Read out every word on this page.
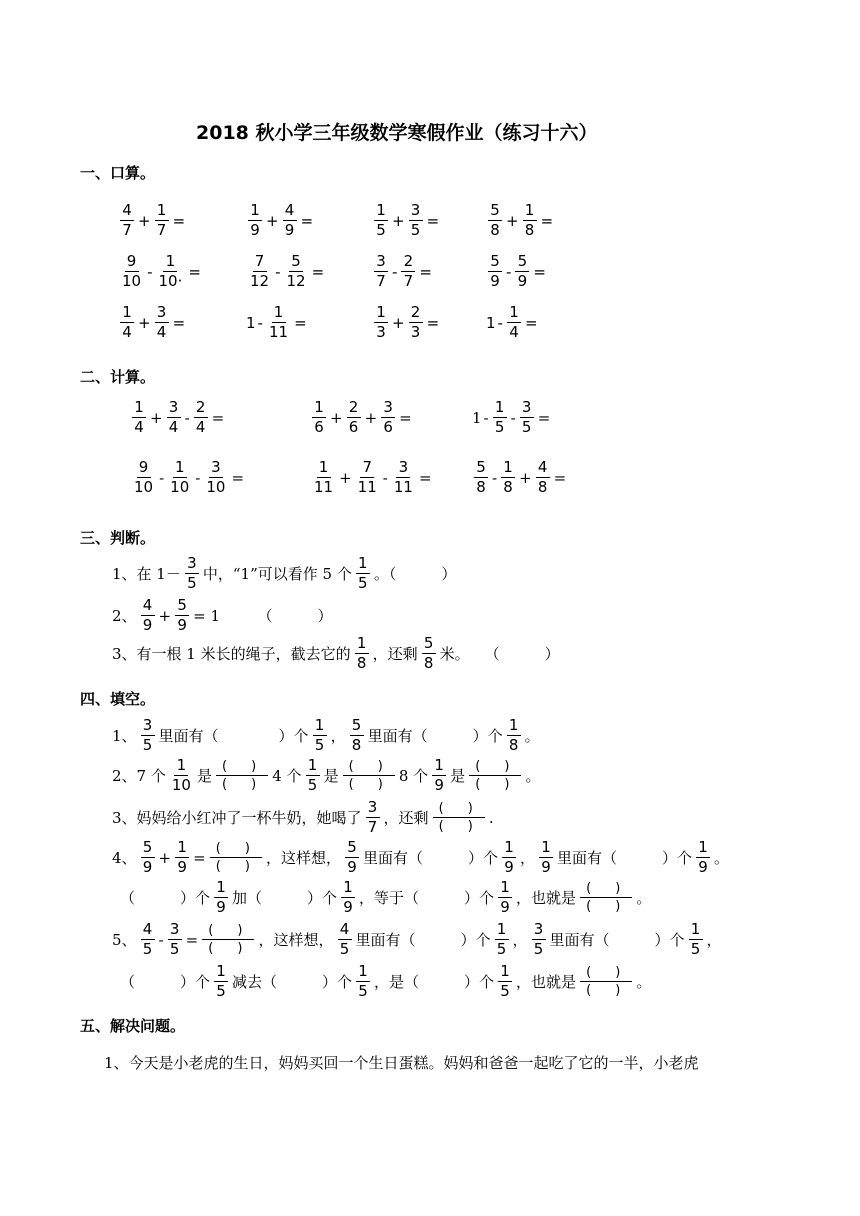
2018 秋小学三年级数学寒假作业（练习十六）
一、口算。
二、计算。
三、判断。
四、填空。
五、解决问题。
1、今天是小老虎的生日，妈妈买回一个生日蛋糕。妈妈和爸爸一起吃了它的一半，小老虎
$\frac{4}{7} + \frac{1}{7}$ =	$\frac{1}{9} + \frac{4}{9}$ =	$\frac{1}{5} + \frac{3}{5}$ =	$\frac{5}{8} + \frac{1}{8}$ =
$\frac{9}{10} - \frac{1}{10\cdot}$ =	$\frac{7}{12} - \frac{5}{12}$ =	$\frac{3}{7} - \frac{2}{7}$ =	$\frac{5}{9} - \frac{5}{9}$ =
$\frac{1}{4} + \frac{3}{4}$ =	$1 - \frac{1}{11}$ =	$\frac{1}{3} + \frac{2}{3}$ =	$1 - \frac{1}{4}$ =
$\frac{1}{4} + \frac{3}{4} - \frac{2}{4}$ =	$\frac{1}{6} + \frac{2}{6} + \frac{3}{6}$ =	$1 - \frac{1}{5} - \frac{3}{5}$ =
$\frac{9}{10} - \frac{1}{10} - \frac{3}{10}$ =	$\frac{1}{11} + \frac{7}{11} - \frac{3}{11}$ =	$\frac{5}{8} - \frac{1}{8} + \frac{4}{8}$ =
1、在 $1- \frac{3}{5}$ 中，“1”可以看作 5 个 $\frac{1}{5}$ 。（　　　）
2、 $\frac{4}{9} + \frac{5}{9} = 1$　　　（　　　）
3、有一根 1 米长的绳子，截去它的 $\frac{1}{8}$ ，还剩 $\frac{5}{8}$ 米。　　（　　　）
1、 $\frac{3}{5}$ 里面有（　　　　）个 $\frac{1}{5}$ ， $\frac{5}{8}$ 里面有（　　　）个 $\frac{1}{8}$ 。
2、7 个 $\frac{1}{10}$ 是 $\frac{( )}{( )} 4$ 个 $\frac{1}{5}$ 是 $\frac{( )}{( )} 8$ 个 $\frac{1}{9}$ 是 $\frac{( )}{( )}$ 。
3、妈妈给小红冲了一杯牛奶，她喝了 $\frac{3}{7}$ ，还剩 $\frac{( )}{( )}$ .
4、 $\frac{5}{9} + \frac{1}{9} = \frac{( )}{( )}$ ，这样想， $\frac{5}{9}$ 里面有（　　　）个 $\frac{1}{9}$ ， $\frac{1}{9}$ 里面有（　　　）个 $\frac{1}{9}$ 。
（　　　）个 $\frac{1}{9}$ 加（　　　）个 $\frac{1}{9}$ ，等于（　　　）个 $\frac{1}{9}$ ，也就是 $\frac{( )}{( )}$ 。
5、 $\frac{4}{5} - \frac{3}{5} = \frac{( )}{( )}$ ，这样想， $\frac{4}{5}$ 里面有（　　　）个 $\frac{1}{5}$ ， $\frac{3}{5}$ 里面有（　　　）个 $\frac{1}{5}$ ，
（　　　）个 $\frac{1}{5}$ 减去（　　　）个 $\frac{1}{5}$ ，是（　　　）个 $\frac{1}{5}$ ，也就是 $\frac{( )}{( )}$ 。
